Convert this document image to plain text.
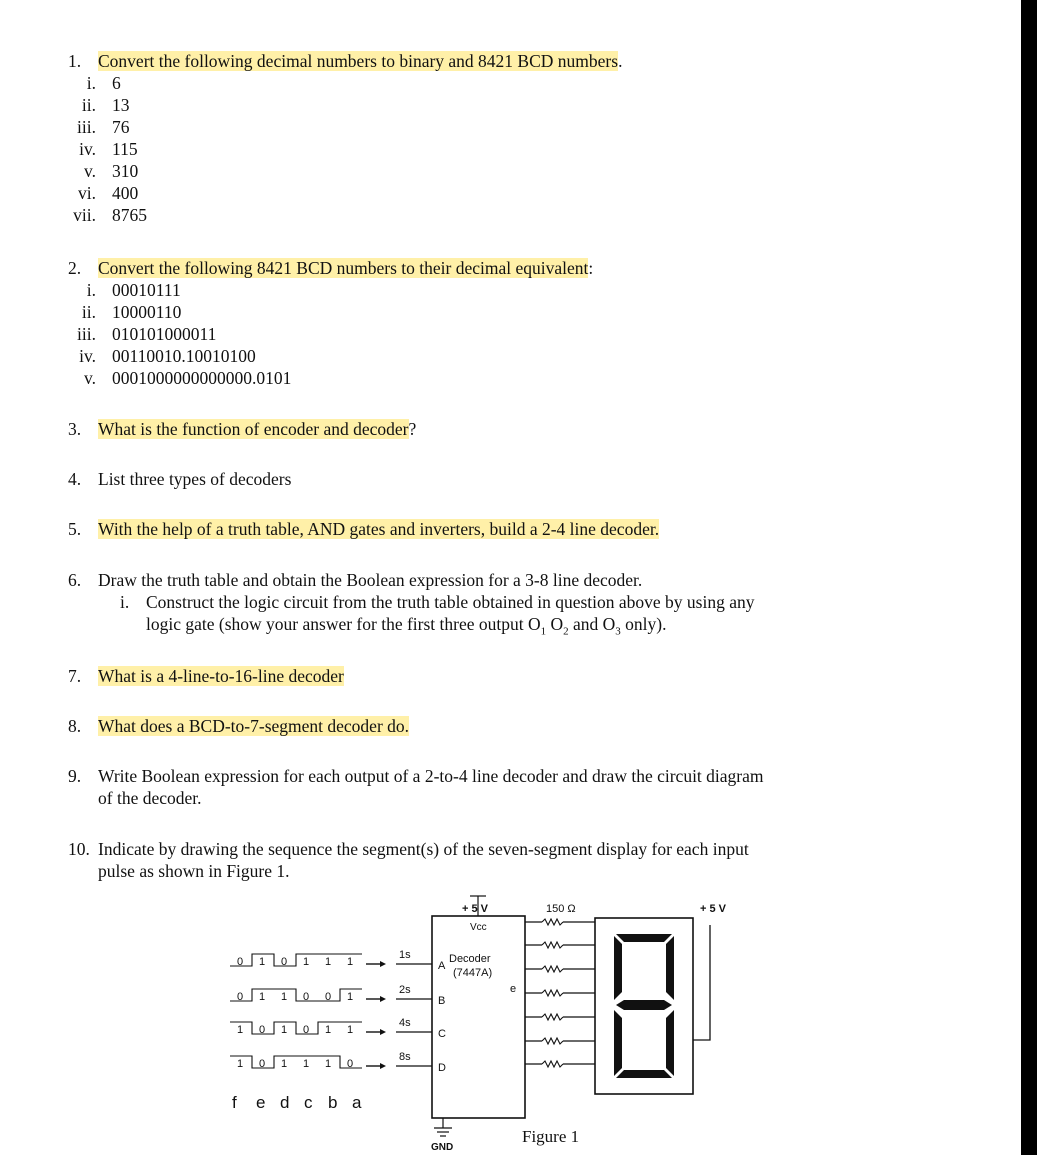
1. Convert the following decimal numbers to binary and 8421 BCD numbers.
i. 6
ii. 13
iii. 76
iv. 115
v. 310
vi. 400
vii. 8765
2. Convert the following 8421 BCD numbers to their decimal equivalent:
i. 00010111
ii. 10000110
iii. 010101000011
iv. 00110010.10010100
v. 0001000000000000.0101
3. What is the function of encoder and decoder?
4. List three types of decoders
5. With the help of a truth table, AND gates and inverters, build a 2-4 line decoder.
6. Draw the truth table and obtain the Boolean expression for a 3-8 line decoder.
i. Construct the logic circuit from the truth table obtained in question above by using any
logic gate (show your answer for the first three output $O_1$ $O_2$ and $O_3$ only).
7. What is a 4-line-to-16-line decoder
8. What does a BCD-to-7-segment decoder do.
9. Write Boolean expression for each output of a 2-to-4 line decoder and draw the circuit diagram
of the decoder.
10. Indicate by drawing the sequence the segment(s) of the seven-segment display for each input
pulse as shown in Figure 1.
Decoder
(7447A)
e
Vcc
+ 5 V
GND
150 Ω	+ 5 V
0 1 0 1 1 1
1s
A
0 1 1 0 0 1
2s
B
1 0 1 0 1 1
4s
C
1 0 1 1 1 0
8s
D
f e d c b a
Figure 1
